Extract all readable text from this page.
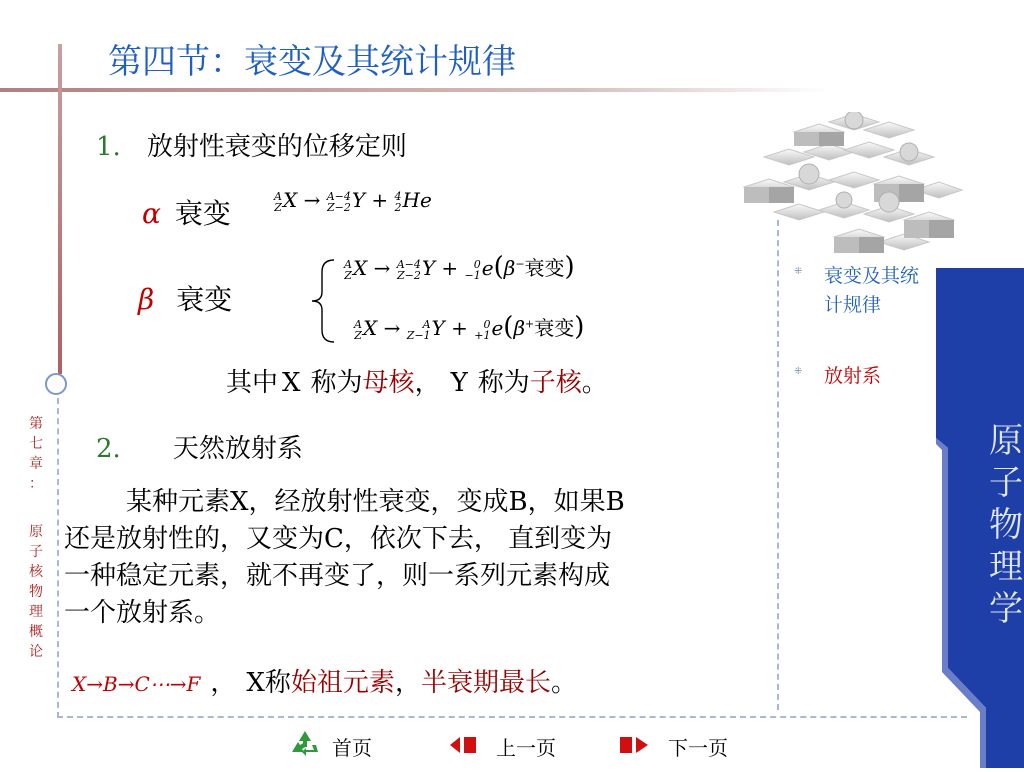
第四节：衰变及其统计规律
原
子
物
理
学
⁜ 衰变及其统计规律
⁜ 放射系
第
七
章
：
原
子
核
物
理
概
论
1. 放射性衰变的位移定则
α 衰变
A
Z X → A−4
Z−2 Y + 4
2 He
β 衰变
A
Z X → A−4
Z−2 Y + 0
−1 e(β−衰变)
A
Z X →	A
Z−1 Y + 0
+1 e(β+衰变)
其中 X 称为母核， Y 称为子核。
2. 天然放射系
某种元素X，经放射性衰变，变成B，如果B
还是放射性的，又变为C，依次下去， 直到变为
一种稳定元素，就不再变了，则一系列元素构成
一个放射系。
X→B→C⋯→F ， X称始祖元素，半衰期最长。
首页	上一页	下一页
